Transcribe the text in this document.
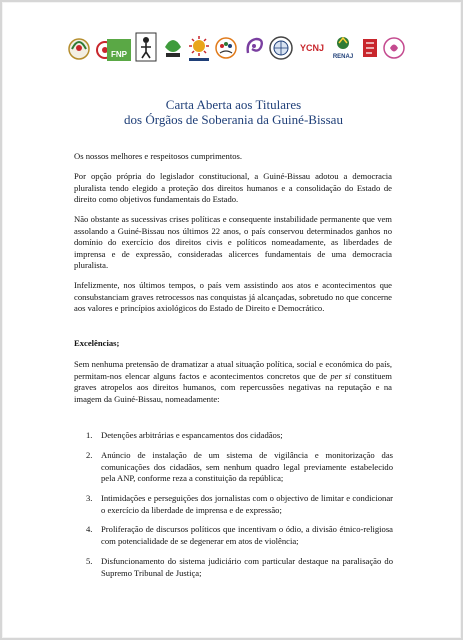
FNP
YCNJ
RENAJ
Carta Aberta aos Titulares
dos Órgãos de Soberania da Guiné-Bissau

Os nossos melhores e respeitosos cumprimentos.

Por opção própria do legislador constitucional, a Guiné-Bissau adotou a democracia pluralista tendo elegido a proteção dos direitos humanos e a consolidação do Estado de direito como objetivos fundamentais do Estado.

Não obstante as sucessivas crises políticas e consequente instabilidade permanente que vem assolando a Guiné-Bissau nos últimos 22 anos, o país conservou determinados ganhos no domínio do exercício dos direitos civis e políticos nomeadamente, as liberdades de imprensa e de expressão, consideradas alicerces fundamentais de uma democracia pluralista.

Infelizmente, nos últimos tempos, o país vem assistindo aos atos e acontecimentos que consubstanciam graves retrocessos nas conquistas já alcançadas, sobretudo no que concerne aos valores e princípios axiológicos do Estado de Direito e Democrático.

Excelências;

Sem nenhuma pretensão de dramatizar a atual situação política, social e económica do país, permitam-nos elencar alguns factos e acontecimentos concretos que de per si constituem graves atropelos aos direitos humanos, com repercussões negativas na reputação e na imagem da Guiné-Bissau, nomeadamente:

1. Detenções arbitrárias e espancamentos dos cidadãos;

2. Anúncio de instalação de um sistema de vigilância e monitorização das comunicações dos cidadãos, sem nenhum quadro legal previamente estabelecido pela ANP, conforme reza a constituição da república;

3. Intimidações e perseguições dos jornalistas com o objectivo de limitar e condicionar o exercício da liberdade de imprensa e de expressão;

4. Proliferação de discursos políticos que incentivam o ódio, a divisão étnico-religiosa com potencialidade de se degenerar em atos de violência;

5. Disfuncionamento do sistema judiciário com particular destaque na paralisação do Supremo Tribunal de Justiça;
